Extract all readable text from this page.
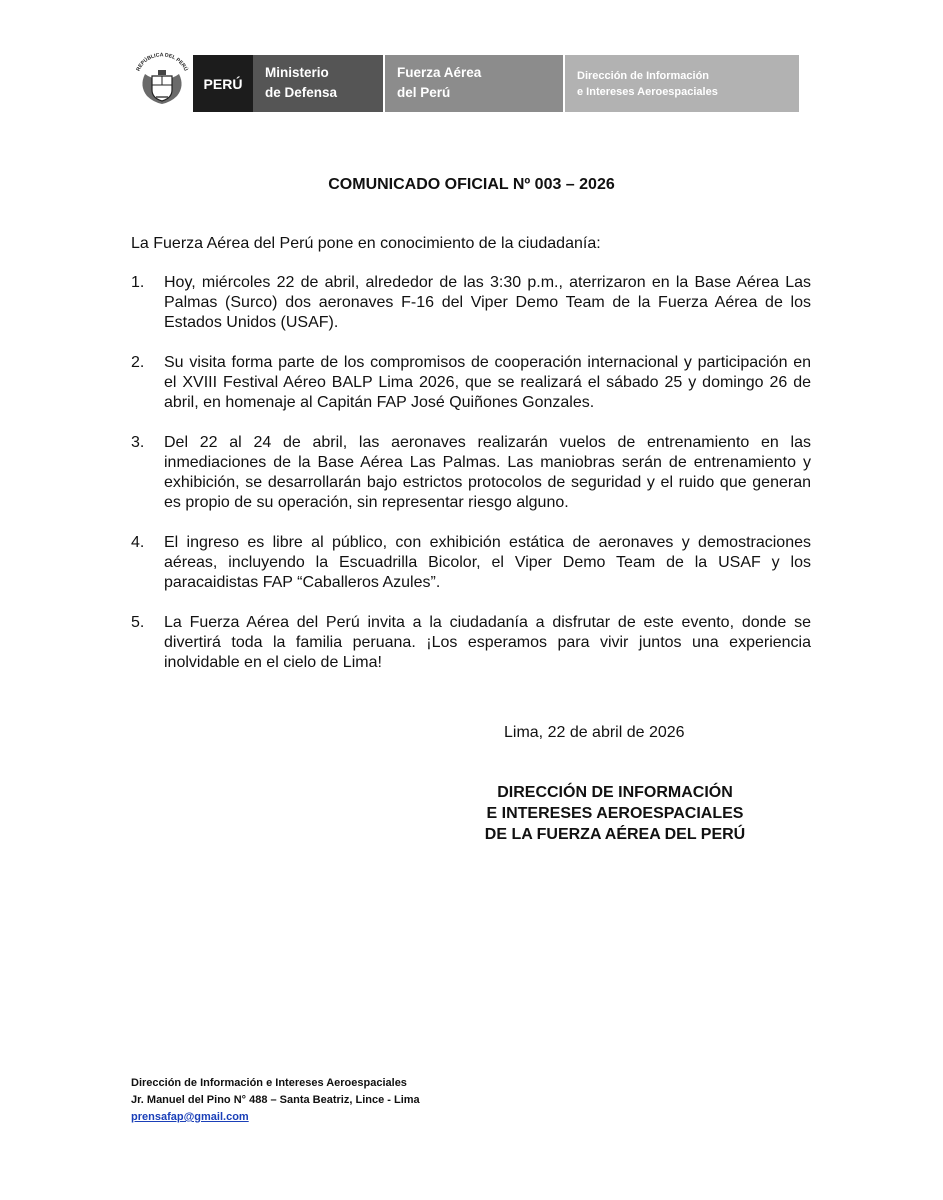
REPÚBLICA DEL PERÚ
PERÚ
Ministerio
de Defensa
Fuerza Aérea
del Perú
Dirección de Información
e Intereses Aeroespaciales
COMUNICADO OFICIAL Nº 003 – 2026
La Fuerza Aérea del Perú pone en conocimiento de la ciudadanía:
1. Hoy, miércoles 22 de abril, alrededor de las 3:30 p.m., aterrizaron en la Base Aérea Las Palmas (Surco) dos aeronaves F-16 del Viper Demo Team de la Fuerza Aérea de los Estados Unidos (USAF).
2. Su visita forma parte de los compromisos de cooperación internacional y participación en el XVIII Festival Aéreo BALP Lima 2026, que se realizará el sábado 25 y domingo 26 de abril, en homenaje al Capitán FAP José Quiñones Gonzales.
3. Del 22 al 24 de abril, las aeronaves realizarán vuelos de entrenamiento en las inmediaciones de la Base Aérea Las Palmas. Las maniobras serán de entrenamiento y exhibición, se desarrollarán bajo estrictos protocolos de seguridad y el ruido que generan es propio de su operación, sin representar riesgo alguno.
4. El ingreso es libre al público, con exhibición estática de aeronaves y demostraciones aéreas, incluyendo la Escuadrilla Bicolor, el Viper Demo Team de la USAF y los paracaidistas FAP “Caballeros Azules”.
5. La Fuerza Aérea del Perú invita a la ciudadanía a disfrutar de este evento, donde se divertirá toda la familia peruana. ¡Los esperamos para vivir juntos una experiencia inolvidable en el cielo de Lima!
Lima, 22 de abril de 2026
DIRECCIÓN DE INFORMACIÓN
E INTERESES AEROESPACIALES
DE LA FUERZA AÉREA DEL PERÚ
Dirección de Información e Intereses Aeroespaciales
Jr. Manuel del Pino N° 488 – Santa Beatriz, Lince - Lima
prensafap@gmail.com
